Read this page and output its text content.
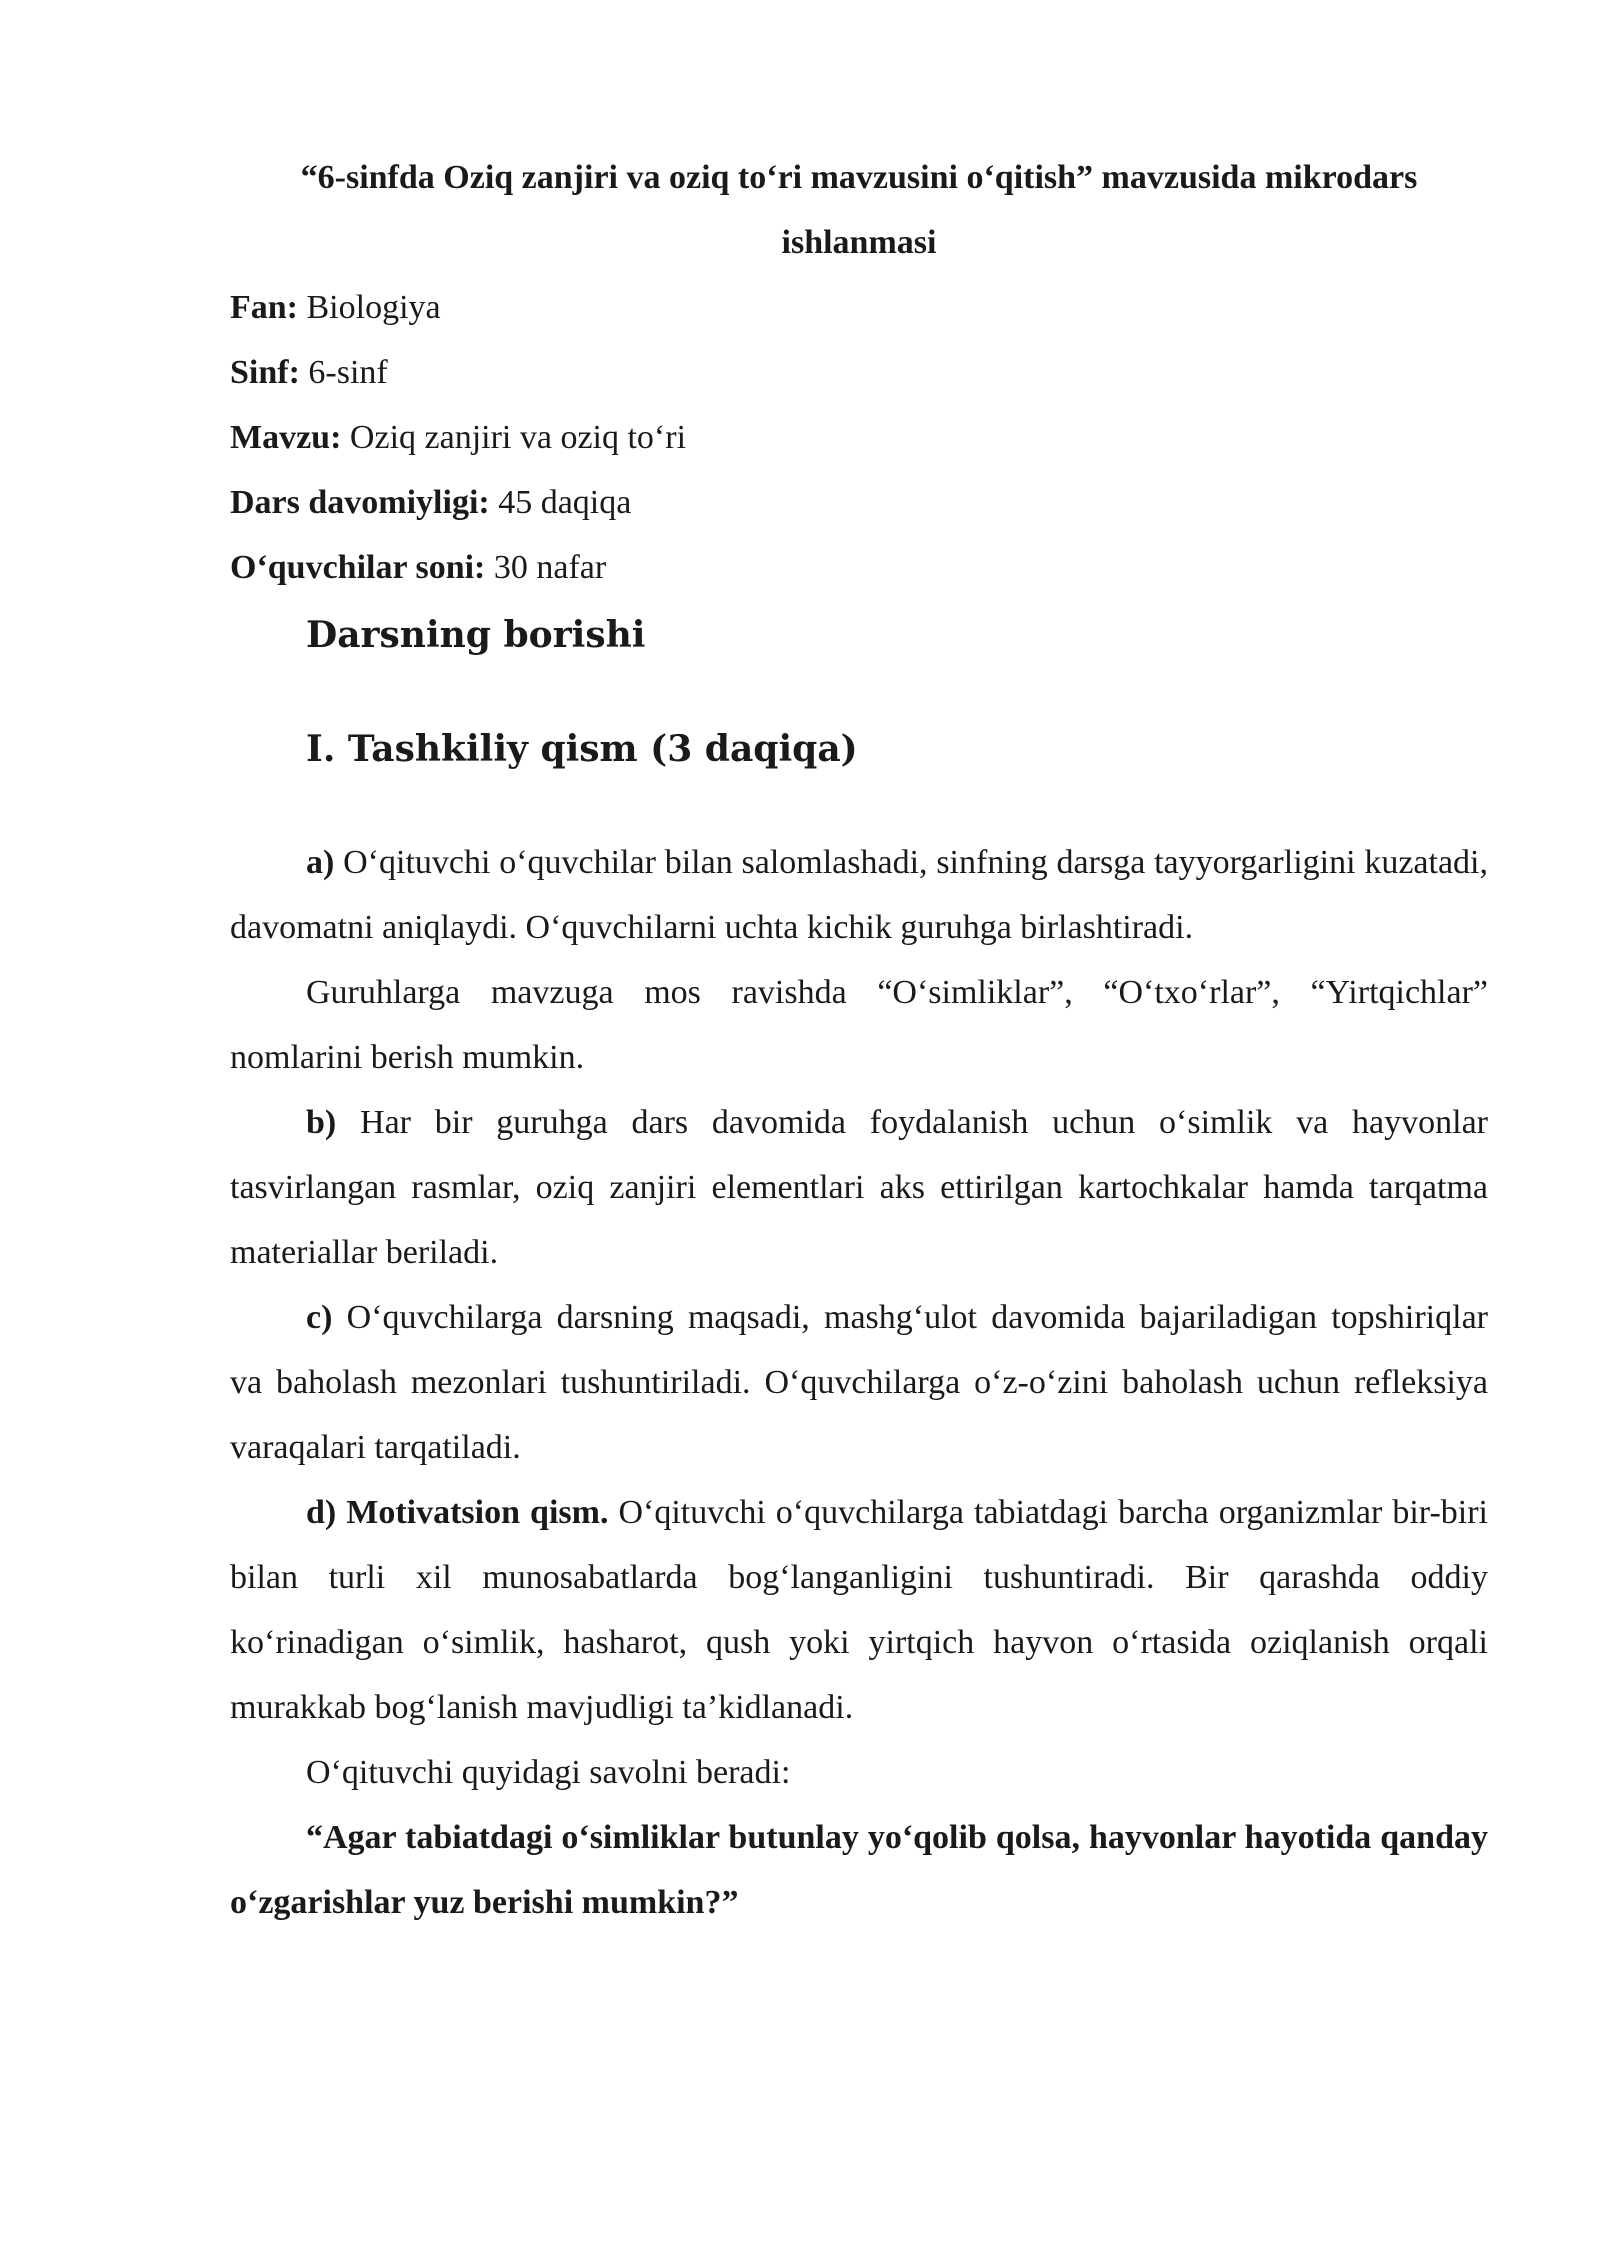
“6-sinfda Oziq zanjiri va oziq to‘ri mavzusini o‘qitish” mavzusida mikrodars ishlanmasi

Fan: Biologiya

Sinf: 6-sinf

Mavzu: Oziq zanjiri va oziq to‘ri

Dars davomiyligi: 45 daqiqa

O‘quvchilar soni: 30 nafar

Darsning borishi

I. Tashkiliy qism (3 daqiqa)

a) O‘qituvchi o‘quvchilar bilan salomlashadi, sinfning darsga tayyorgarligini kuzatadi, davomatni aniqlaydi. O‘quvchilarni uchta kichik guruhga birlashtiradi.

Guruhlarga mavzuga mos ravishda “O‘simliklar”, “O‘txo‘rlar”, “Yirtqichlar” nomlarini berish mumkin.

b) Har bir guruhga dars davomida foydalanish uchun o‘simlik va hayvonlar tasvirlangan rasmlar, oziq zanjiri elementlari aks ettirilgan kartochkalar hamda tarqatma materiallar beriladi.

c) O‘quvchilarga darsning maqsadi, mashg‘ulot davomida bajariladigan topshiriqlar va baholash mezonlari tushuntiriladi. O‘quvchilarga o‘z-o‘zini baholash uchun refleksiya varaqalari tarqatiladi.

d) Motivatsion qism. O‘qituvchi o‘quvchilarga tabiatdagi barcha organizmlar bir-biri bilan turli xil munosabatlarda bog‘langanligini tushuntiradi. Bir qarashda oddiy ko‘rinadigan o‘simlik, hasharot, qush yoki yirtqich hayvon o‘rtasida oziqlanish orqali murakkab bog‘lanish mavjudligi ta’kidlanadi.

O‘qituvchi quyidagi savolni beradi:

“Agar tabiatdagi o‘simliklar butunlay yo‘qolib qolsa, hayvonlar hayotida qanday o‘zgarishlar yuz berishi mumkin?”
